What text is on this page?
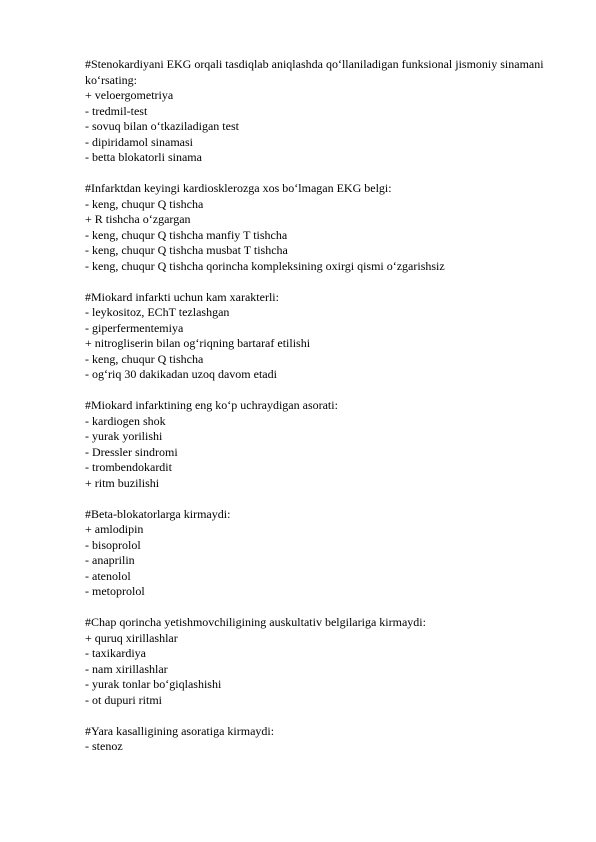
#Stenokardiyani EKG orqali tasdiqlab aniqlashda qo‘llaniladigan funksional jismoniy sinamani ko‘rsating:
+ veloergometriya
- tredmil-test
- sovuq bilan o‘tkaziladigan test
- dipiridamol sinamasi
- betta blokatorli sinama
#Infarktdan keyingi kardiosklerozga xos bo‘lmagan EKG belgi:
- keng, chuqur Q tishcha
+ R tishcha o‘zgargan
- keng, chuqur Q tishcha manfiy T tishcha
- keng, chuqur Q tishcha musbat T tishcha
- keng, chuqur Q tishcha qorincha kompleksining oxirgi qismi o‘zgarishsiz
#Miokard infarkti uchun kam xarakterli:
- leykositoz, EChT tezlashgan
- giperfermentemiya
+ nitrogliserin bilan og‘riqning bartaraf etilishi
- keng, chuqur Q tishcha
- og‘riq 30 dakikadan uzoq davom etadi
#Miokard infarktining eng ko‘p uchraydigan asorati:
- kardiogen shok
- yurak yorilishi
- Dressler sindromi
- trombendokardit
+ ritm buzilishi
#Beta-blokatorlarga kirmaydi:
+ amlodipin
- bisoprolol
- anaprilin
- atenolol
- metoprolol
#Chap qorincha yetishmovchiligining auskultativ belgilariga kirmaydi:
+ quruq xirillashlar
- taxikardiya
- nam xirillashlar
- yurak tonlar bo‘giqlashishi
- ot dupuri ritmi
#Yara kasalligining asoratiga kirmaydi:
- stenoz
